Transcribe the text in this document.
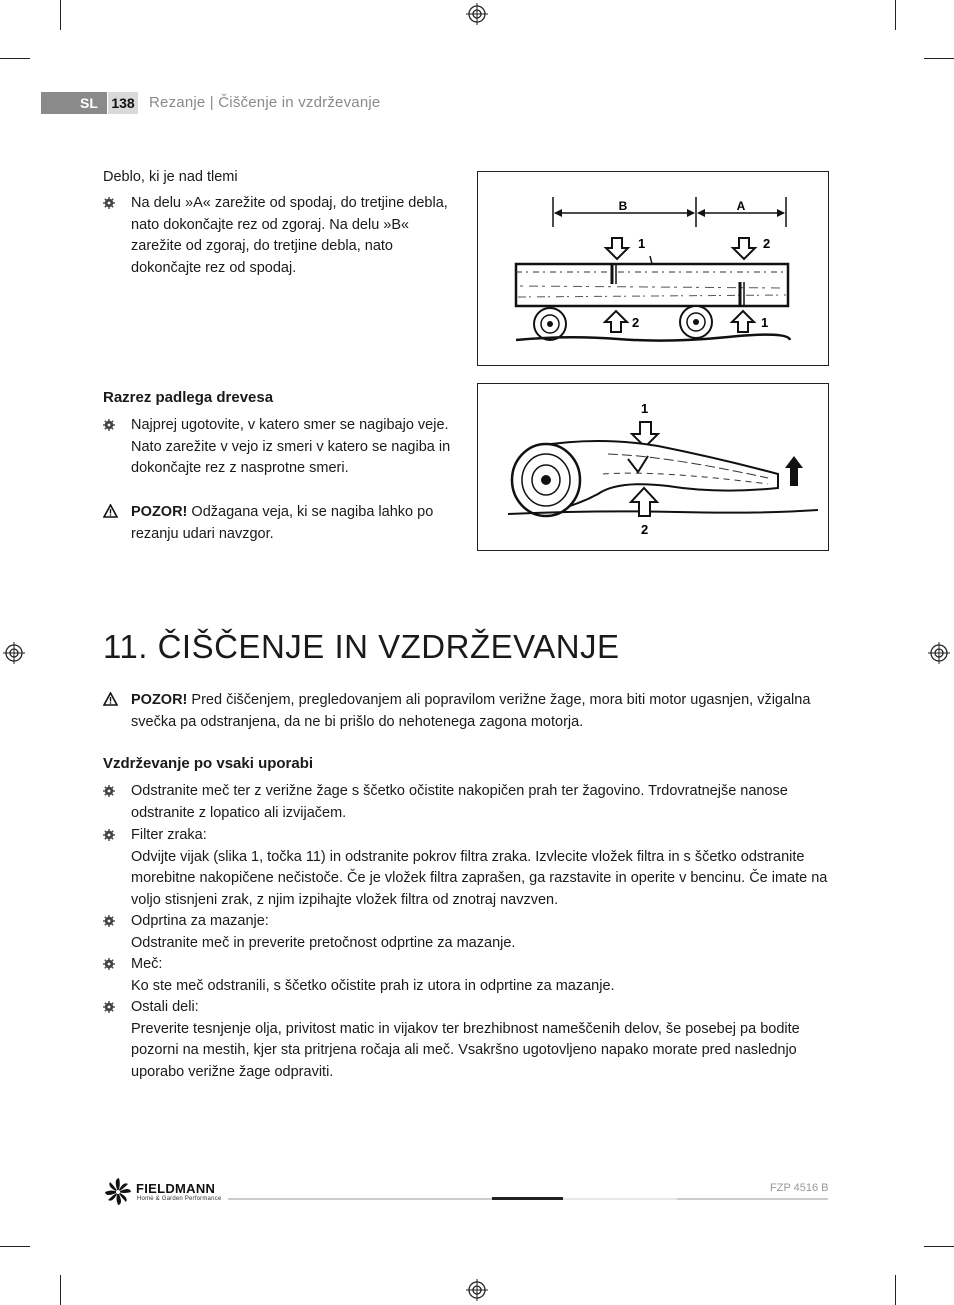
SL 138 Rezanje | Čiščenje in vzdrževanje
Deblo, ki je nad tlemi
Na delu »A« zarežite od spodaj, do tretjine debla, nato dokončajte rez od zgoraj. Na delu »B« zarežite od zgoraj, do tretjine debla, nato dokončajte rez od spodaj.
B	A
1	2
2	1
Razrez padlega drevesa
Najprej ugotovite, v katero smer se nagibajo veje. Nato zarežite v vejo iz smeri v katero se nagiba in dokončajte rez z nasprotne smeri.
POZOR! Odžagana veja, ki se nagiba lahko po rezanju udari navzgor.
1
2
11. ČIŠČENJE IN VZDRŽEVANJE
POZOR! Pred čiščenjem, pregledovanjem ali popravilom verižne žage, mora biti motor ugasnjen, vžigalna svečka pa odstranjena, da ne bi prišlo do nehotenega zagona motorja.
Vzdrževanje po vsaki uporabi
Odstranite meč ter z verižne žage s ščetko očistite nakopičen prah ter žagovino. Trdovratnejše nanose odstranite z lopatico ali izvijačem.
Filter zraka:
Odvijte vijak (slika 1, točka 11) in odstranite pokrov filtra zraka. Izvlecite vložek filtra in s ščetko odstranite morebitne nakopičene nečistoče. Če je vložek filtra zaprašen, ga razstavite in operite v bencinu. Če imate na voljo stisnjeni zrak, z njim izpihajte vložek filtra od znotraj navzven.
Odprtina za mazanje:
Odstranite meč in preverite pretočnost odprtine za mazanje.
Meč:
Ko ste meč odstranili, s ščetko očistite prah iz utora in odprtine za mazanje.
Ostali deli:
Preverite tesnjenje olja, privitost matic in vijakov ter brezhibnost nameščenih delov, še posebej pa bodite pozorni na mestih, kjer sta pritrjena ročaja ali meč. Vsakršno ugotovljeno napako morate pred naslednjo uporabo verižne žage odpraviti.
FIELDMANN
Home & Garden Performance
FZP 4516 B
